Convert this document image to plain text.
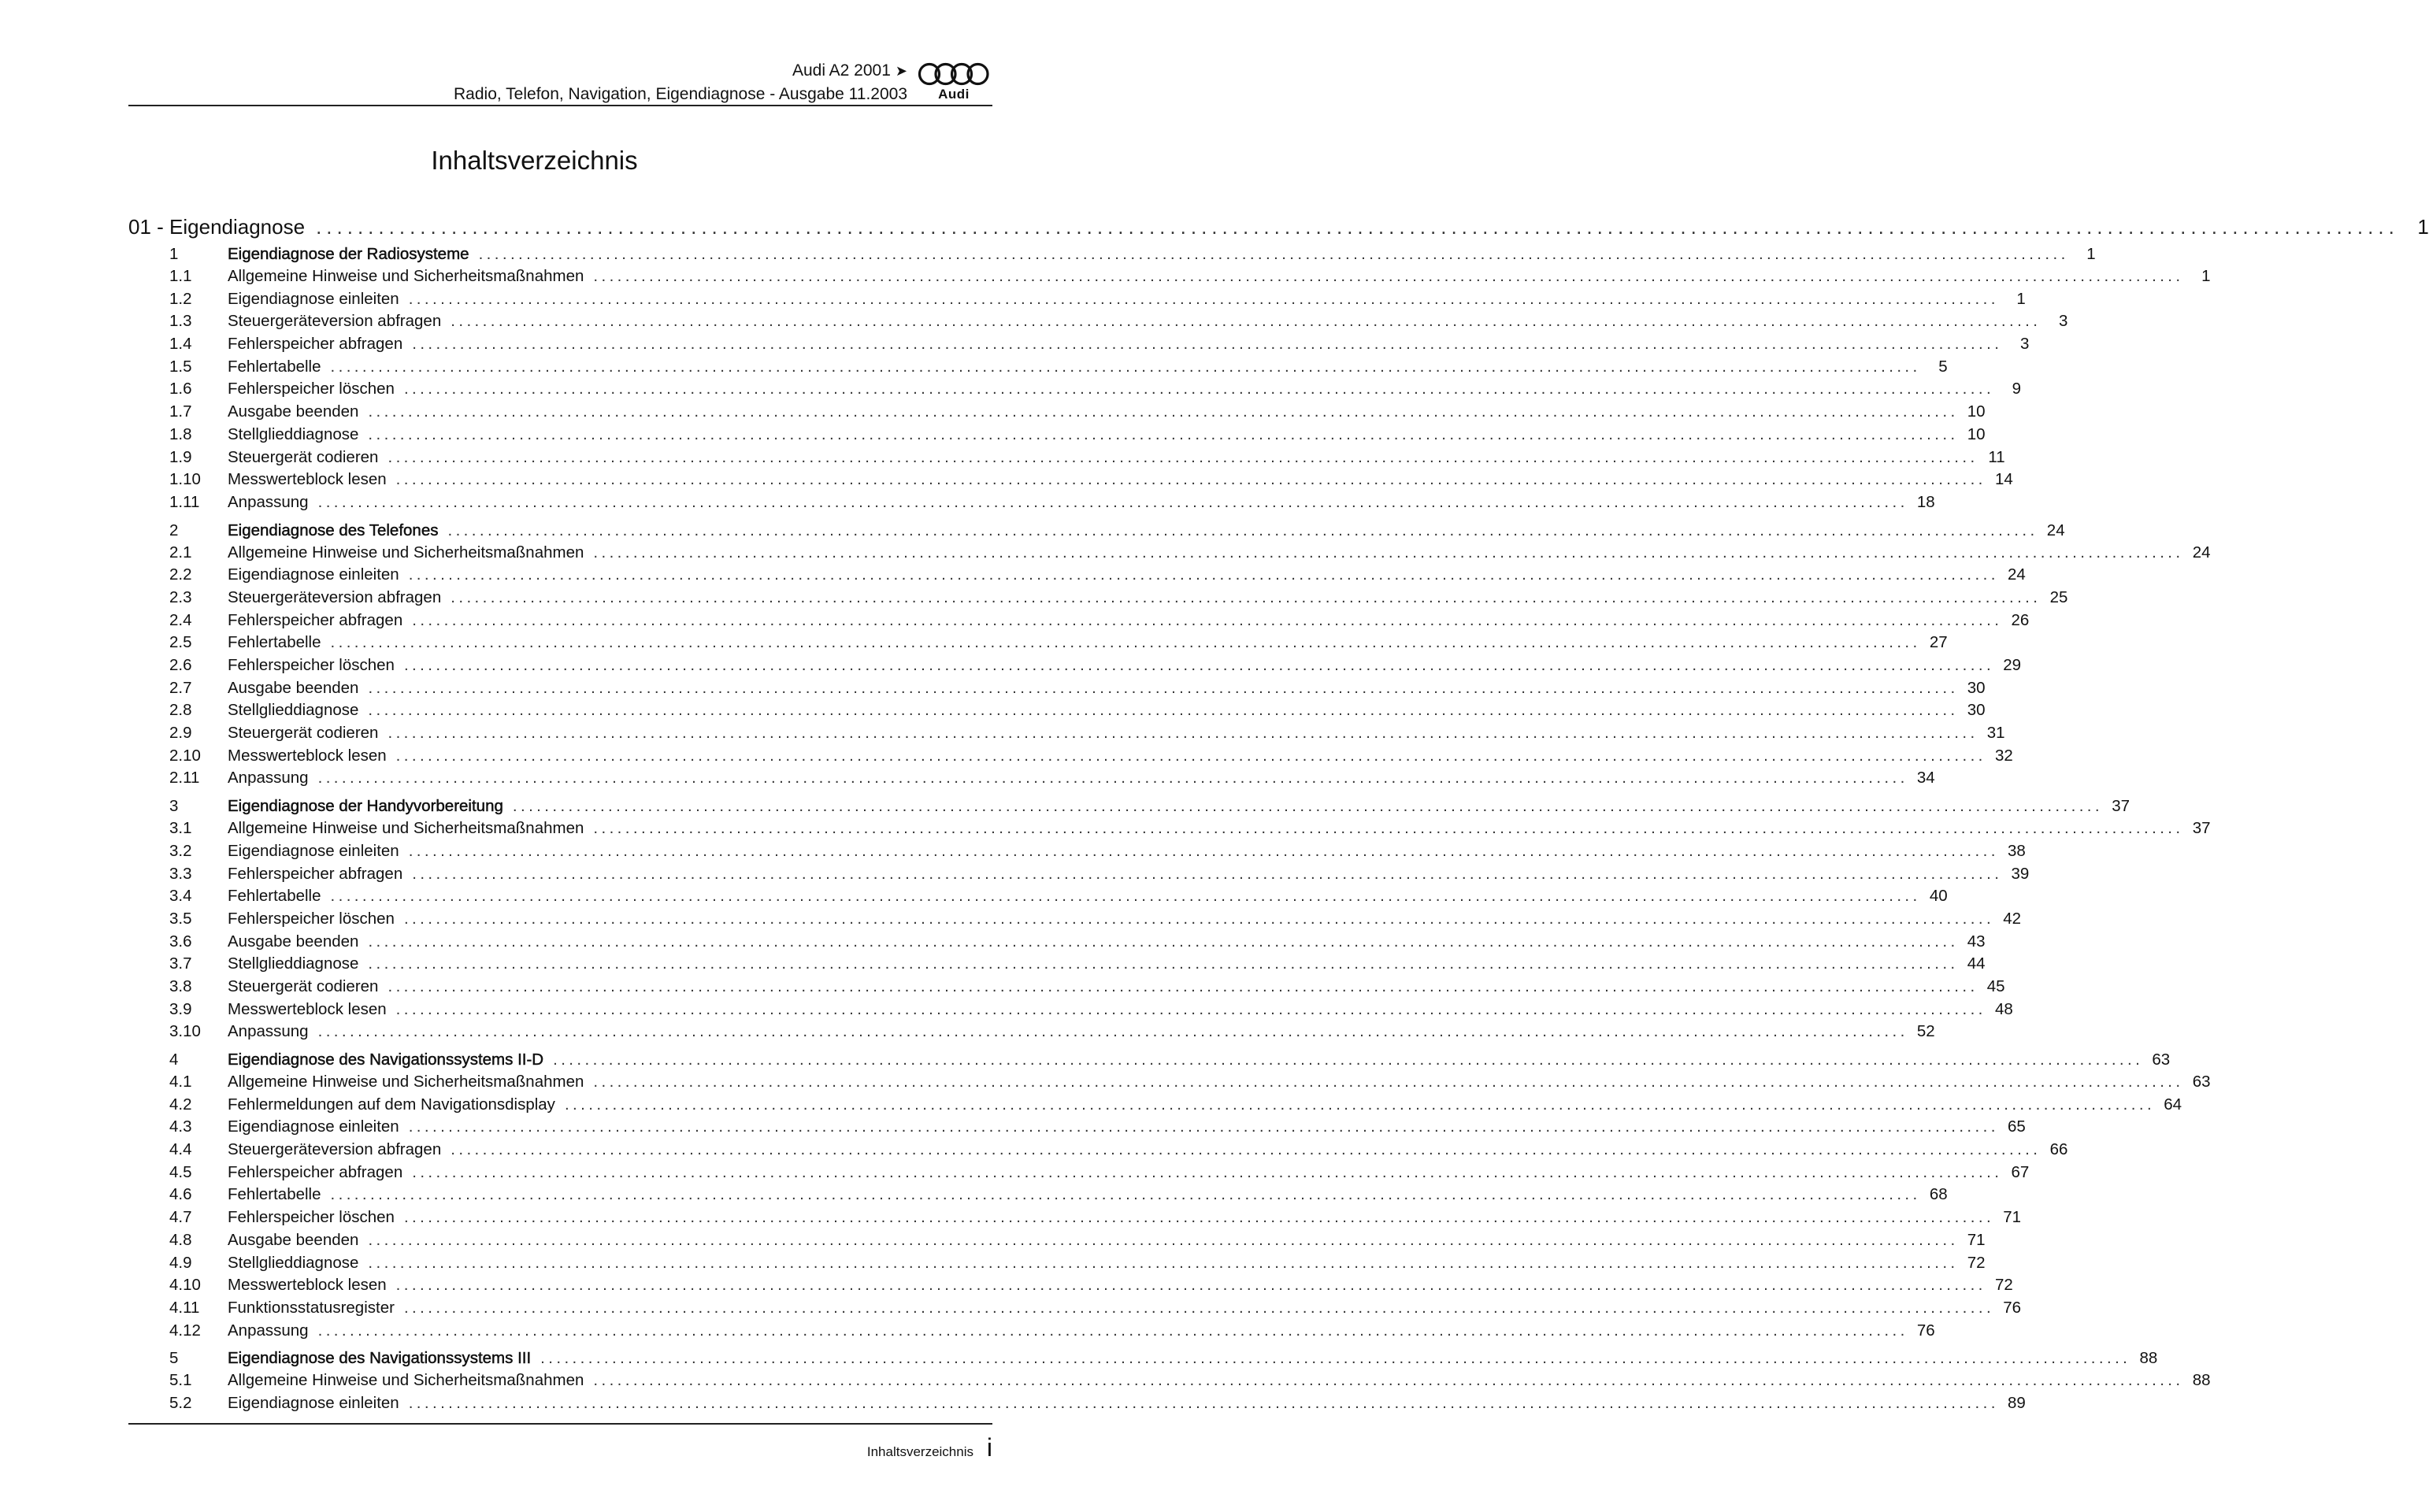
Audi A2 2001 ➤
Radio, Telefon, Navigation, Eigendiagnose - Ausgabe 11.2003 Audi
Inhaltsverzeichnis
01 - Eigendiagnose ........................................................................................................................................................................................................ 1
1	Eigendiagnose der Radiosysteme ........................................................................................................................................................................................................	1
1.1	Allgemeine Hinweise und Sicherheitsmaßnahmen ........................................................................................................................................................................................................	1
1.2	Eigendiagnose einleiten ........................................................................................................................................................................................................	1
1.3	Steuergeräteversion abfragen ........................................................................................................................................................................................................	3
1.4	Fehlerspeicher abfragen ........................................................................................................................................................................................................	3
1.5	Fehlertabelle ........................................................................................................................................................................................................	5
1.6	Fehlerspeicher löschen ........................................................................................................................................................................................................	9
1.7	Ausgabe beenden ........................................................................................................................................................................................................ 10
1.8	Stellglieddiagnose ........................................................................................................................................................................................................ 10
1.9	Steuergerät codieren ........................................................................................................................................................................................................ 11
1.10	Messwerteblock lesen ........................................................................................................................................................................................................ 14
1.11	Anpassung ........................................................................................................................................................................................................ 18
2	Eigendiagnose des Telefones ........................................................................................................................................................................................................ 24
2.1	Allgemeine Hinweise und Sicherheitsmaßnahmen ........................................................................................................................................................................................................ 24
2.2	Eigendiagnose einleiten ........................................................................................................................................................................................................ 24
2.3	Steuergeräteversion abfragen ........................................................................................................................................................................................................ 25
2.4	Fehlerspeicher abfragen ........................................................................................................................................................................................................ 26
2.5	Fehlertabelle ........................................................................................................................................................................................................ 27
2.6	Fehlerspeicher löschen ........................................................................................................................................................................................................ 29
2.7	Ausgabe beenden ........................................................................................................................................................................................................ 30
2.8	Stellglieddiagnose ........................................................................................................................................................................................................ 30
2.9	Steuergerät codieren ........................................................................................................................................................................................................ 31
2.10	Messwerteblock lesen ........................................................................................................................................................................................................ 32
2.11	Anpassung ........................................................................................................................................................................................................ 34
3	Eigendiagnose der Handyvorbereitung ........................................................................................................................................................................................................ 37
3.1	Allgemeine Hinweise und Sicherheitsmaßnahmen ........................................................................................................................................................................................................ 37
3.2	Eigendiagnose einleiten ........................................................................................................................................................................................................ 38
3.3	Fehlerspeicher abfragen ........................................................................................................................................................................................................ 39
3.4	Fehlertabelle ........................................................................................................................................................................................................ 40
3.5	Fehlerspeicher löschen ........................................................................................................................................................................................................ 42
3.6	Ausgabe beenden ........................................................................................................................................................................................................ 43
3.7	Stellglieddiagnose ........................................................................................................................................................................................................ 44
3.8	Steuergerät codieren ........................................................................................................................................................................................................ 45
3.9	Messwerteblock lesen ........................................................................................................................................................................................................ 48
3.10	Anpassung ........................................................................................................................................................................................................ 52
4	Eigendiagnose des Navigationssystems II-D ........................................................................................................................................................................................................ 63
4.1	Allgemeine Hinweise und Sicherheitsmaßnahmen ........................................................................................................................................................................................................ 63
4.2	Fehlermeldungen auf dem Navigationsdisplay ........................................................................................................................................................................................................ 64
4.3	Eigendiagnose einleiten ........................................................................................................................................................................................................ 65
4.4	Steuergeräteversion abfragen ........................................................................................................................................................................................................ 66
4.5	Fehlerspeicher abfragen ........................................................................................................................................................................................................ 67
4.6	Fehlertabelle ........................................................................................................................................................................................................ 68
4.7	Fehlerspeicher löschen ........................................................................................................................................................................................................ 71
4.8	Ausgabe beenden ........................................................................................................................................................................................................ 71
4.9	Stellglieddiagnose ........................................................................................................................................................................................................ 72
4.10	Messwerteblock lesen ........................................................................................................................................................................................................ 72
4.11	Funktionsstatusregister ........................................................................................................................................................................................................ 76
4.12	Anpassung ........................................................................................................................................................................................................ 76
5	Eigendiagnose des Navigationssystems III ........................................................................................................................................................................................................ 88
5.1	Allgemeine Hinweise und Sicherheitsmaßnahmen ........................................................................................................................................................................................................ 88
5.2	Eigendiagnose einleiten ........................................................................................................................................................................................................ 89
Inhaltsverzeichnis i
